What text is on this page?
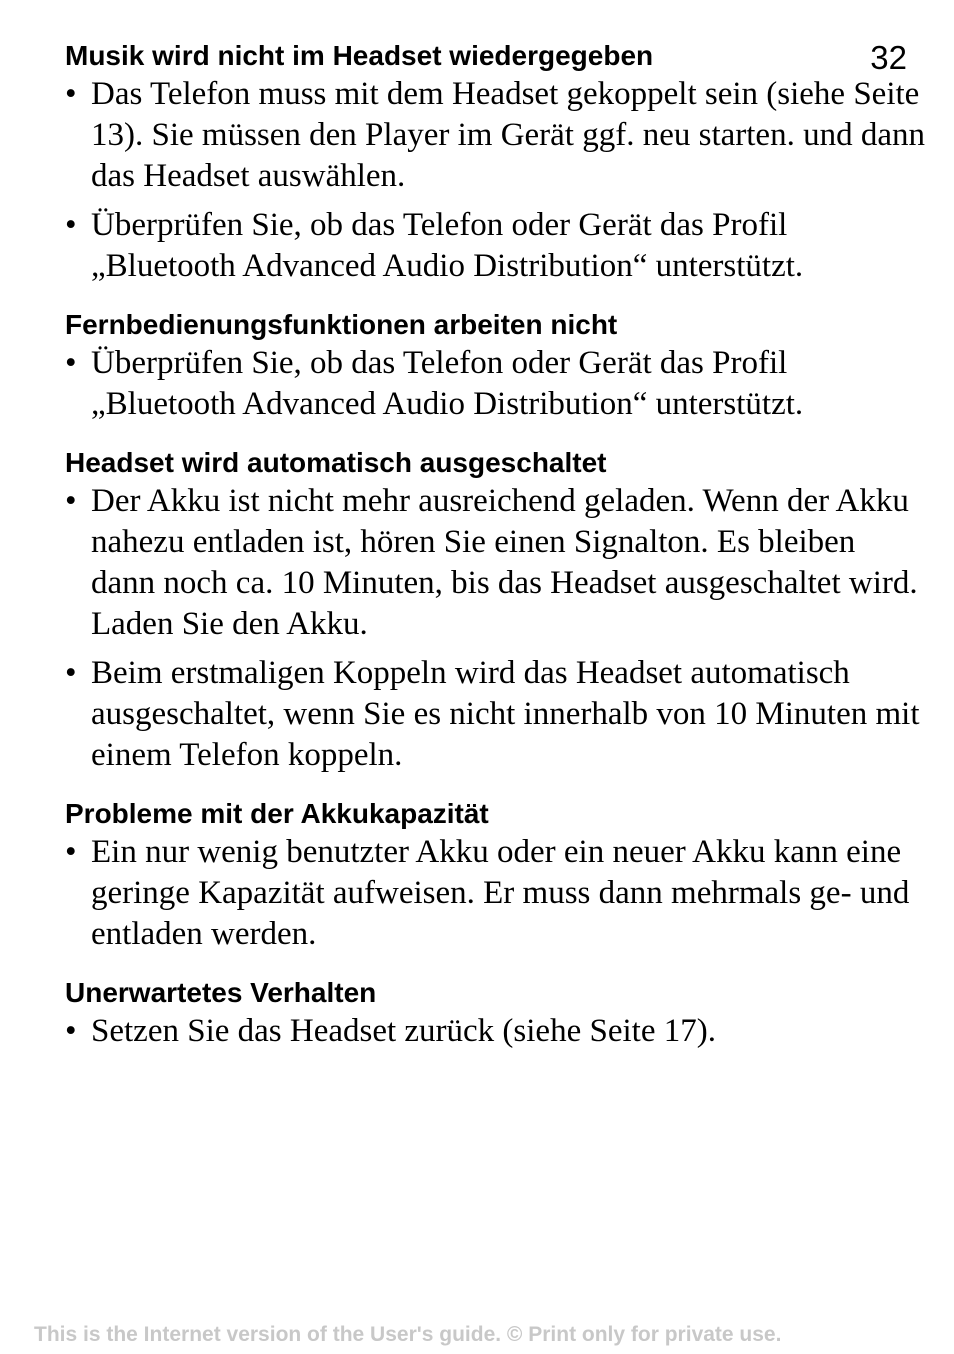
32
Musik wird nicht im Headset wiedergegeben
• Das Telefon muss mit dem Headset gekoppelt sein (siehe Seite 13). Sie müssen den Player im Gerät ggf. neu starten. und dann das Headset auswählen.
• Überprüfen Sie, ob das Telefon oder Gerät das Profil „Bluetooth Advanced Audio Distribution“ unterstützt.
Fernbedienungsfunktionen arbeiten nicht
• Überprüfen Sie, ob das Telefon oder Gerät das Profil „Bluetooth Advanced Audio Distribution“ unterstützt.
Headset wird automatisch ausgeschaltet
• Der Akku ist nicht mehr ausreichend geladen. Wenn der Akku nahezu entladen ist, hören Sie einen Signalton. Es bleiben dann noch ca. 10 Minuten, bis das Headset ausgeschaltet wird. Laden Sie den Akku.
• Beim erstmaligen Koppeln wird das Headset automatisch ausgeschaltet, wenn Sie es nicht innerhalb von 10 Minuten mit einem Telefon koppeln.
Probleme mit der Akkukapazität
• Ein nur wenig benutzter Akku oder ein neuer Akku kann eine geringe Kapazität aufweisen. Er muss dann mehrmals ge- und entladen werden.
Unerwartetes Verhalten
• Setzen Sie das Headset zurück (siehe Seite 17).
This is the Internet version of the User's guide. © Print only for private use.
